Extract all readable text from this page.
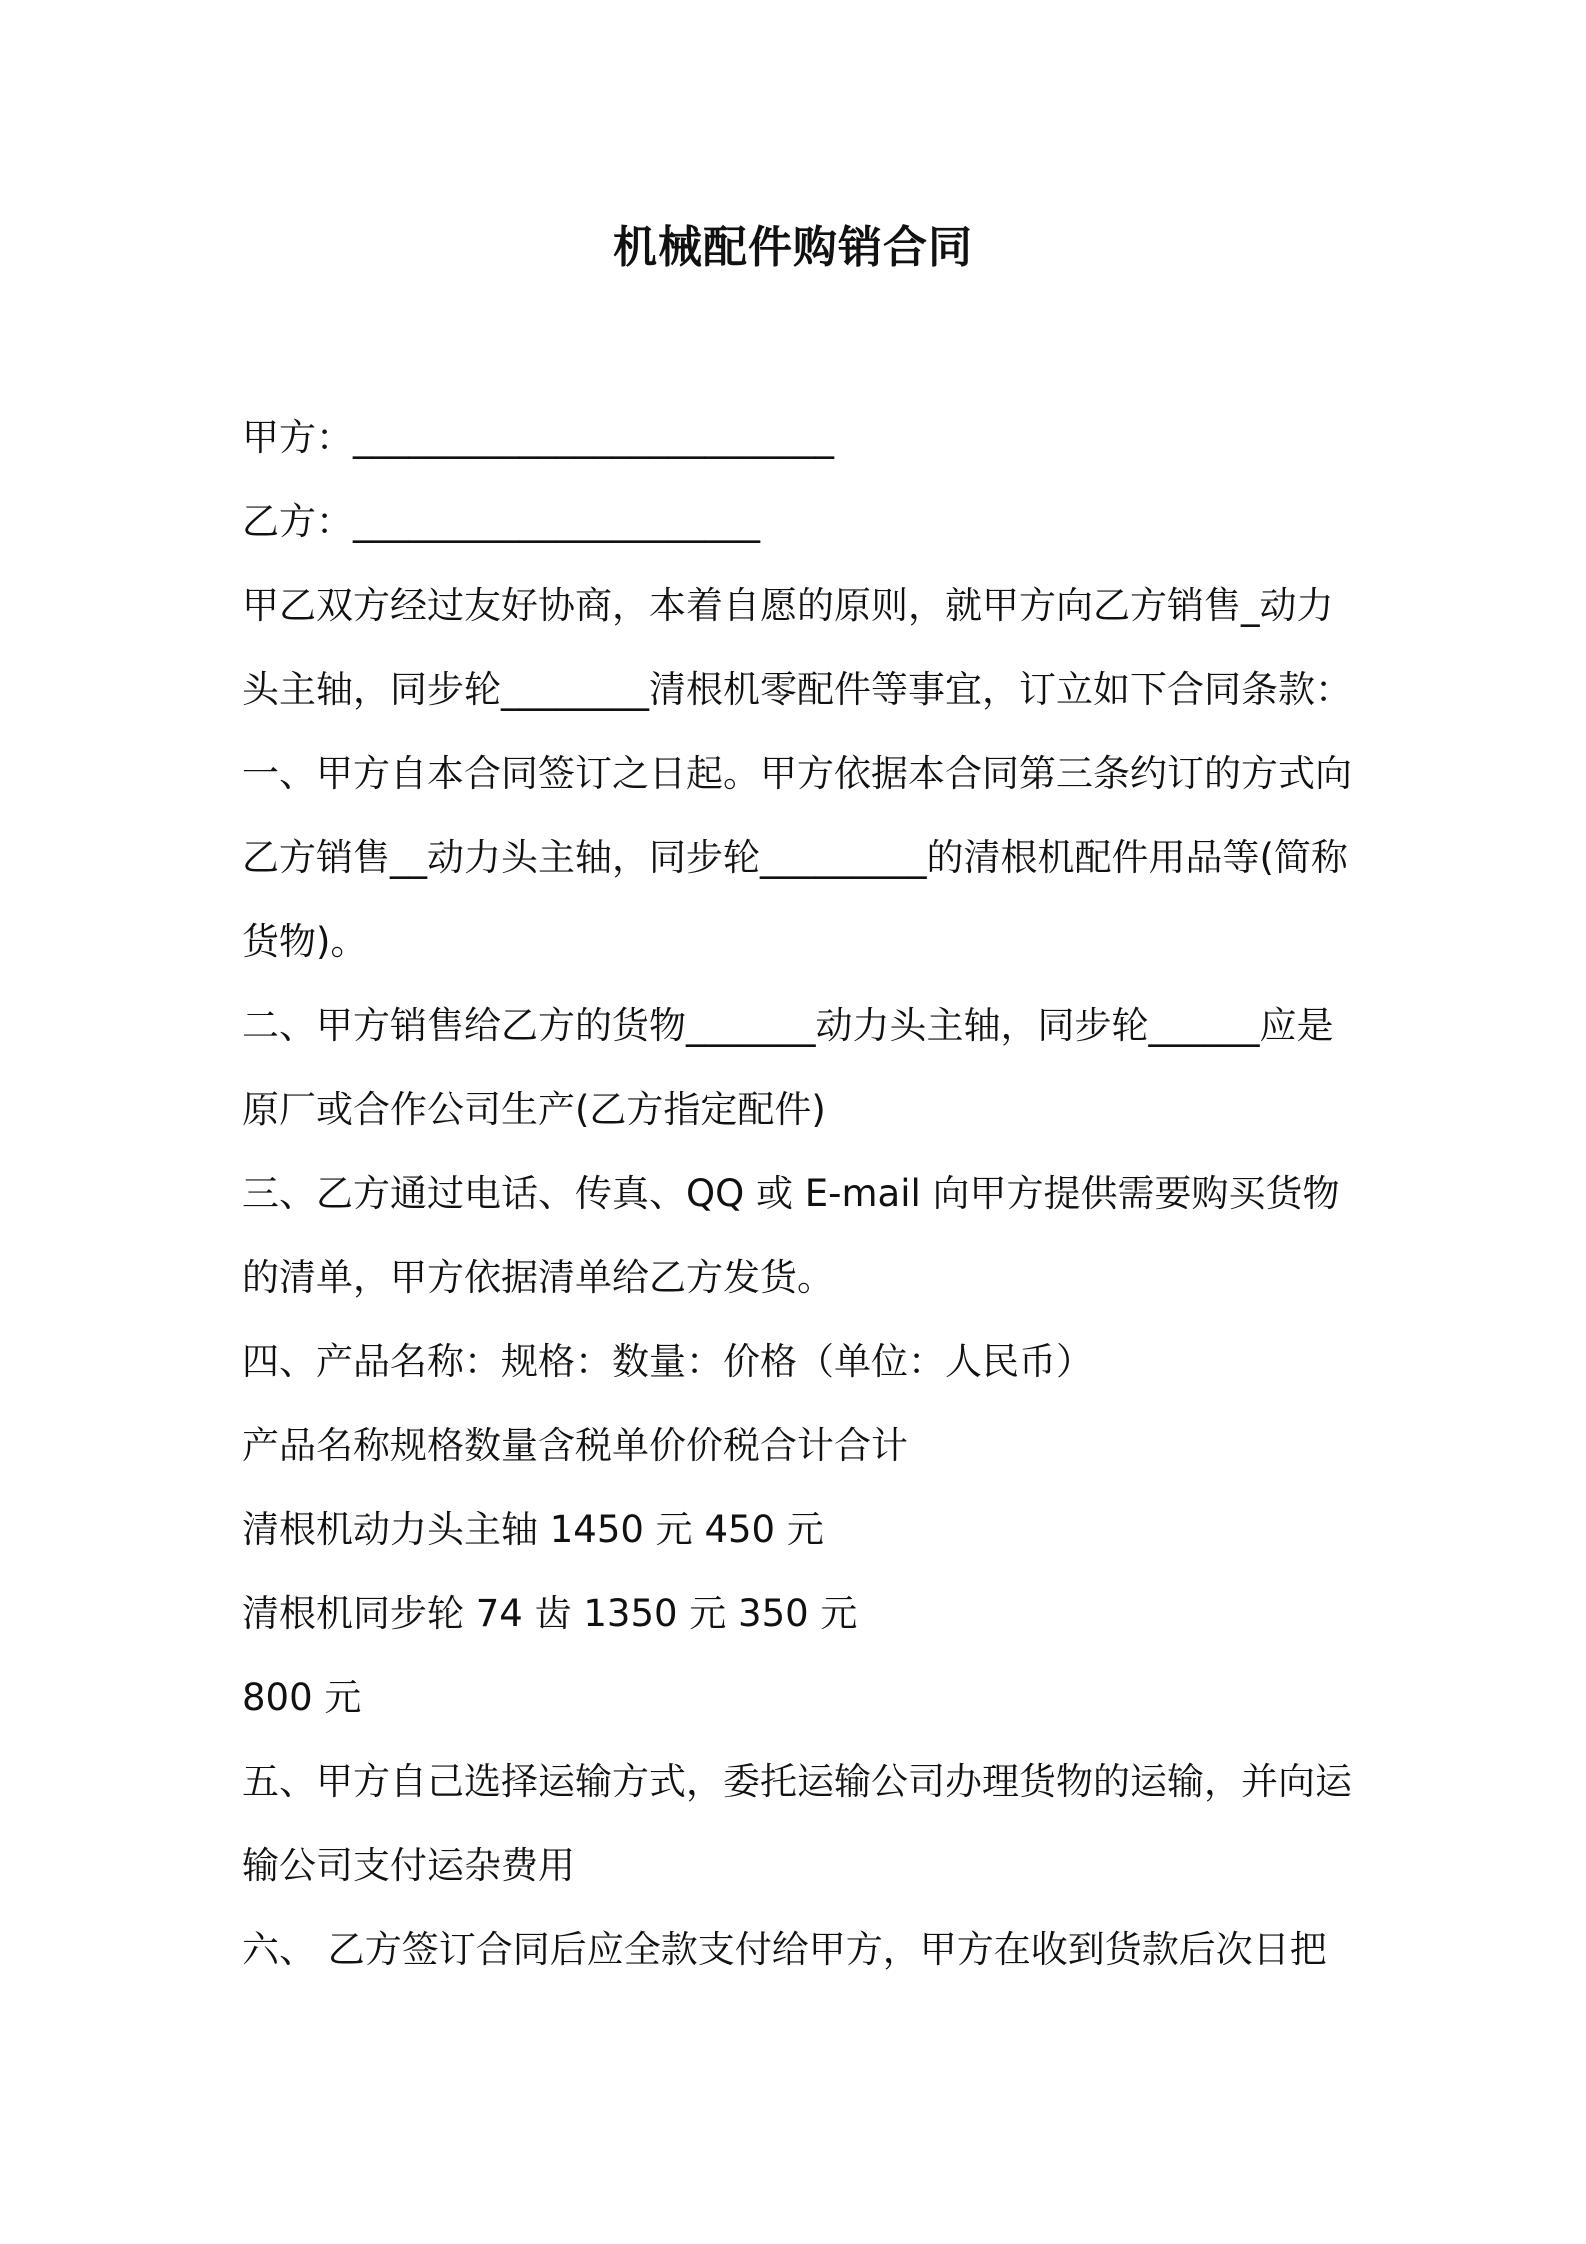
机械配件购销合同
甲方：__________________________
乙方：______________________
甲乙双方经过友好协商，本着自愿的原则，就甲方向乙方销售_动力
头主轴，同步轮________清根机零配件等事宜，订立如下合同条款：
一、甲方自本合同签订之日起。甲方依据本合同第三条约订的方式向
乙方销售__动力头主轴，同步轮_________的清根机配件用品等(简称
货物)。
二、甲方销售给乙方的货物_______动力头主轴，同步轮______应是
原厂或合作公司生产(乙方指定配件)
三、乙方通过电话、传真、QQ 或 E-mail 向甲方提供需要购买货物
的清单，甲方依据清单给乙方发货。
四、产品名称：规格：数量：价格（单位：人民币）
产品名称规格数量含税单价价税合计合计
清根机动力头主轴 1450 元 450 元
清根机同步轮 74 齿 1350 元 350 元
800 元
五、甲方自己选择运输方式，委托运输公司办理货物的运输，并向运
输公司支付运杂费用
六、 乙方签订合同后应全款支付给甲方，甲方在收到货款后次日把
